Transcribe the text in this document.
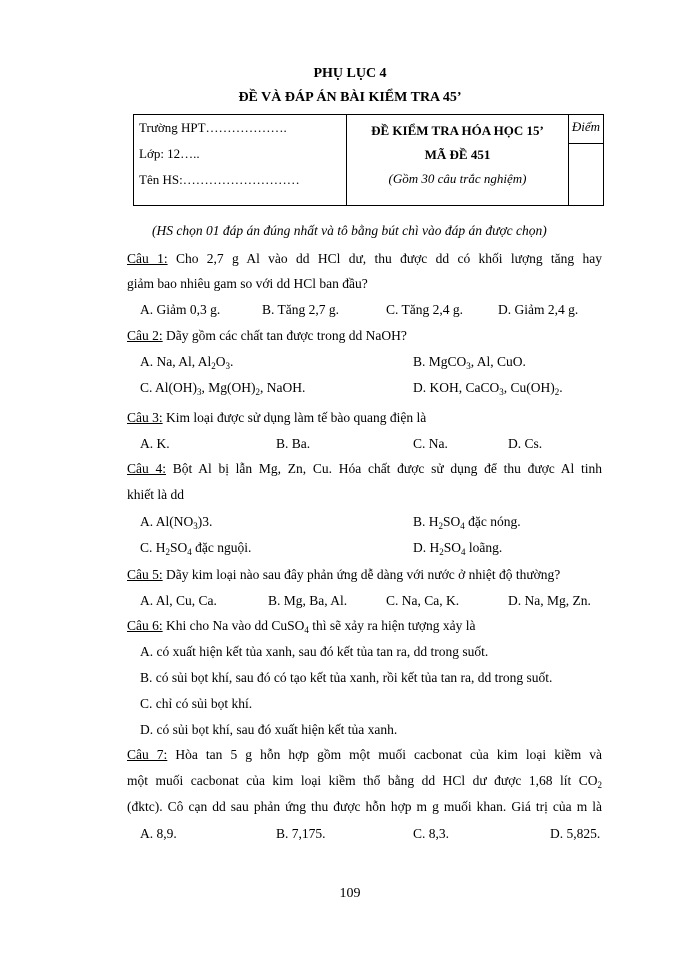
PHỤ LỤC 4
ĐỀ VÀ ĐÁP ÁN BÀI KIỂM TRA 45’
Trường HPT……………….
Lớp: 12…..
Tên HS:………………………

ĐỀ KIỂM TRA HÓA HỌC 15’
MÃ ĐỀ 451
(Gồm 30 câu trắc nghiệm)

Điểm

(HS chọn 01 đáp án đúng nhất và tô bằng bút chì vào đáp án được chọn)
Câu 1: Cho 2,7 g Al vào dd HCl dư, thu được dd có khối lượng tăng hay
giảm bao nhiêu gam so với dd HCl ban đầu?
A. Giảm 0,3 g.	B. Tăng 2,7 g.	C. Tăng 2,4 g.	D. Giảm 2,4 g.
Câu 2: Dãy gồm các chất tan được trong dd NaOH?
A. Na, Al, $Al_2O_3$.	B. MgCO$_3$, Al, CuO.
C. $Al(OH)_3$, $Mg(OH)_2$, NaOH.	D. KOH, CaCO$_3$, $Cu(OH)_2$.
Câu 3: Kim loại được sử dụng làm tế bào quang điện là
A. K.	B. Ba.	C. Na.	D. Cs.
Câu 4: Bột Al bị lẫn Mg, Zn, Cu. Hóa chất được sử dụng để thu được Al tinh
khiết là dd
A. $Al(NO_3)3$.	B. $H_2SO_4$ đặc nóng.
C. $H_2SO_4$ đặc nguội.	D. $H_2SO_4$ loãng.
Câu 5: Dãy kim loại nào sau đây phản ứng dễ dàng với nước ở nhiệt độ thường?
A. Al, Cu, Ca.	B. Mg, Ba, Al.	C. Na, Ca, K.	D. Na, Mg, Zn.
Câu 6: Khi cho Na vào dd CuSO$_4$ thì sẽ xảy ra hiện tượng xảy là
A. có xuất hiện kết tủa xanh, sau đó kết tủa tan ra, dd trong suốt.
B. có sủi bọt khí, sau đó có tạo kết tủa xanh, rồi kết tủa tan ra, dd trong suốt.
C. chỉ có sủi bọt khí.
D. có sủi bọt khí, sau đó xuất hiện kết tủa xanh.
Câu 7: Hòa tan 5 g hỗn hợp gồm một muối cacbonat của kim loại kiềm và
một muối cacbonat của kim loại kiềm thổ bằng dd HCl dư được 1,68 lít $CO_2$
(đktc). Cô cạn dd sau phản ứng thu được hỗn hợp m g muối khan. Giá trị của m là
A. 8,9.	B. 7,175.	C. 8,3.	D. 5,825.
109
